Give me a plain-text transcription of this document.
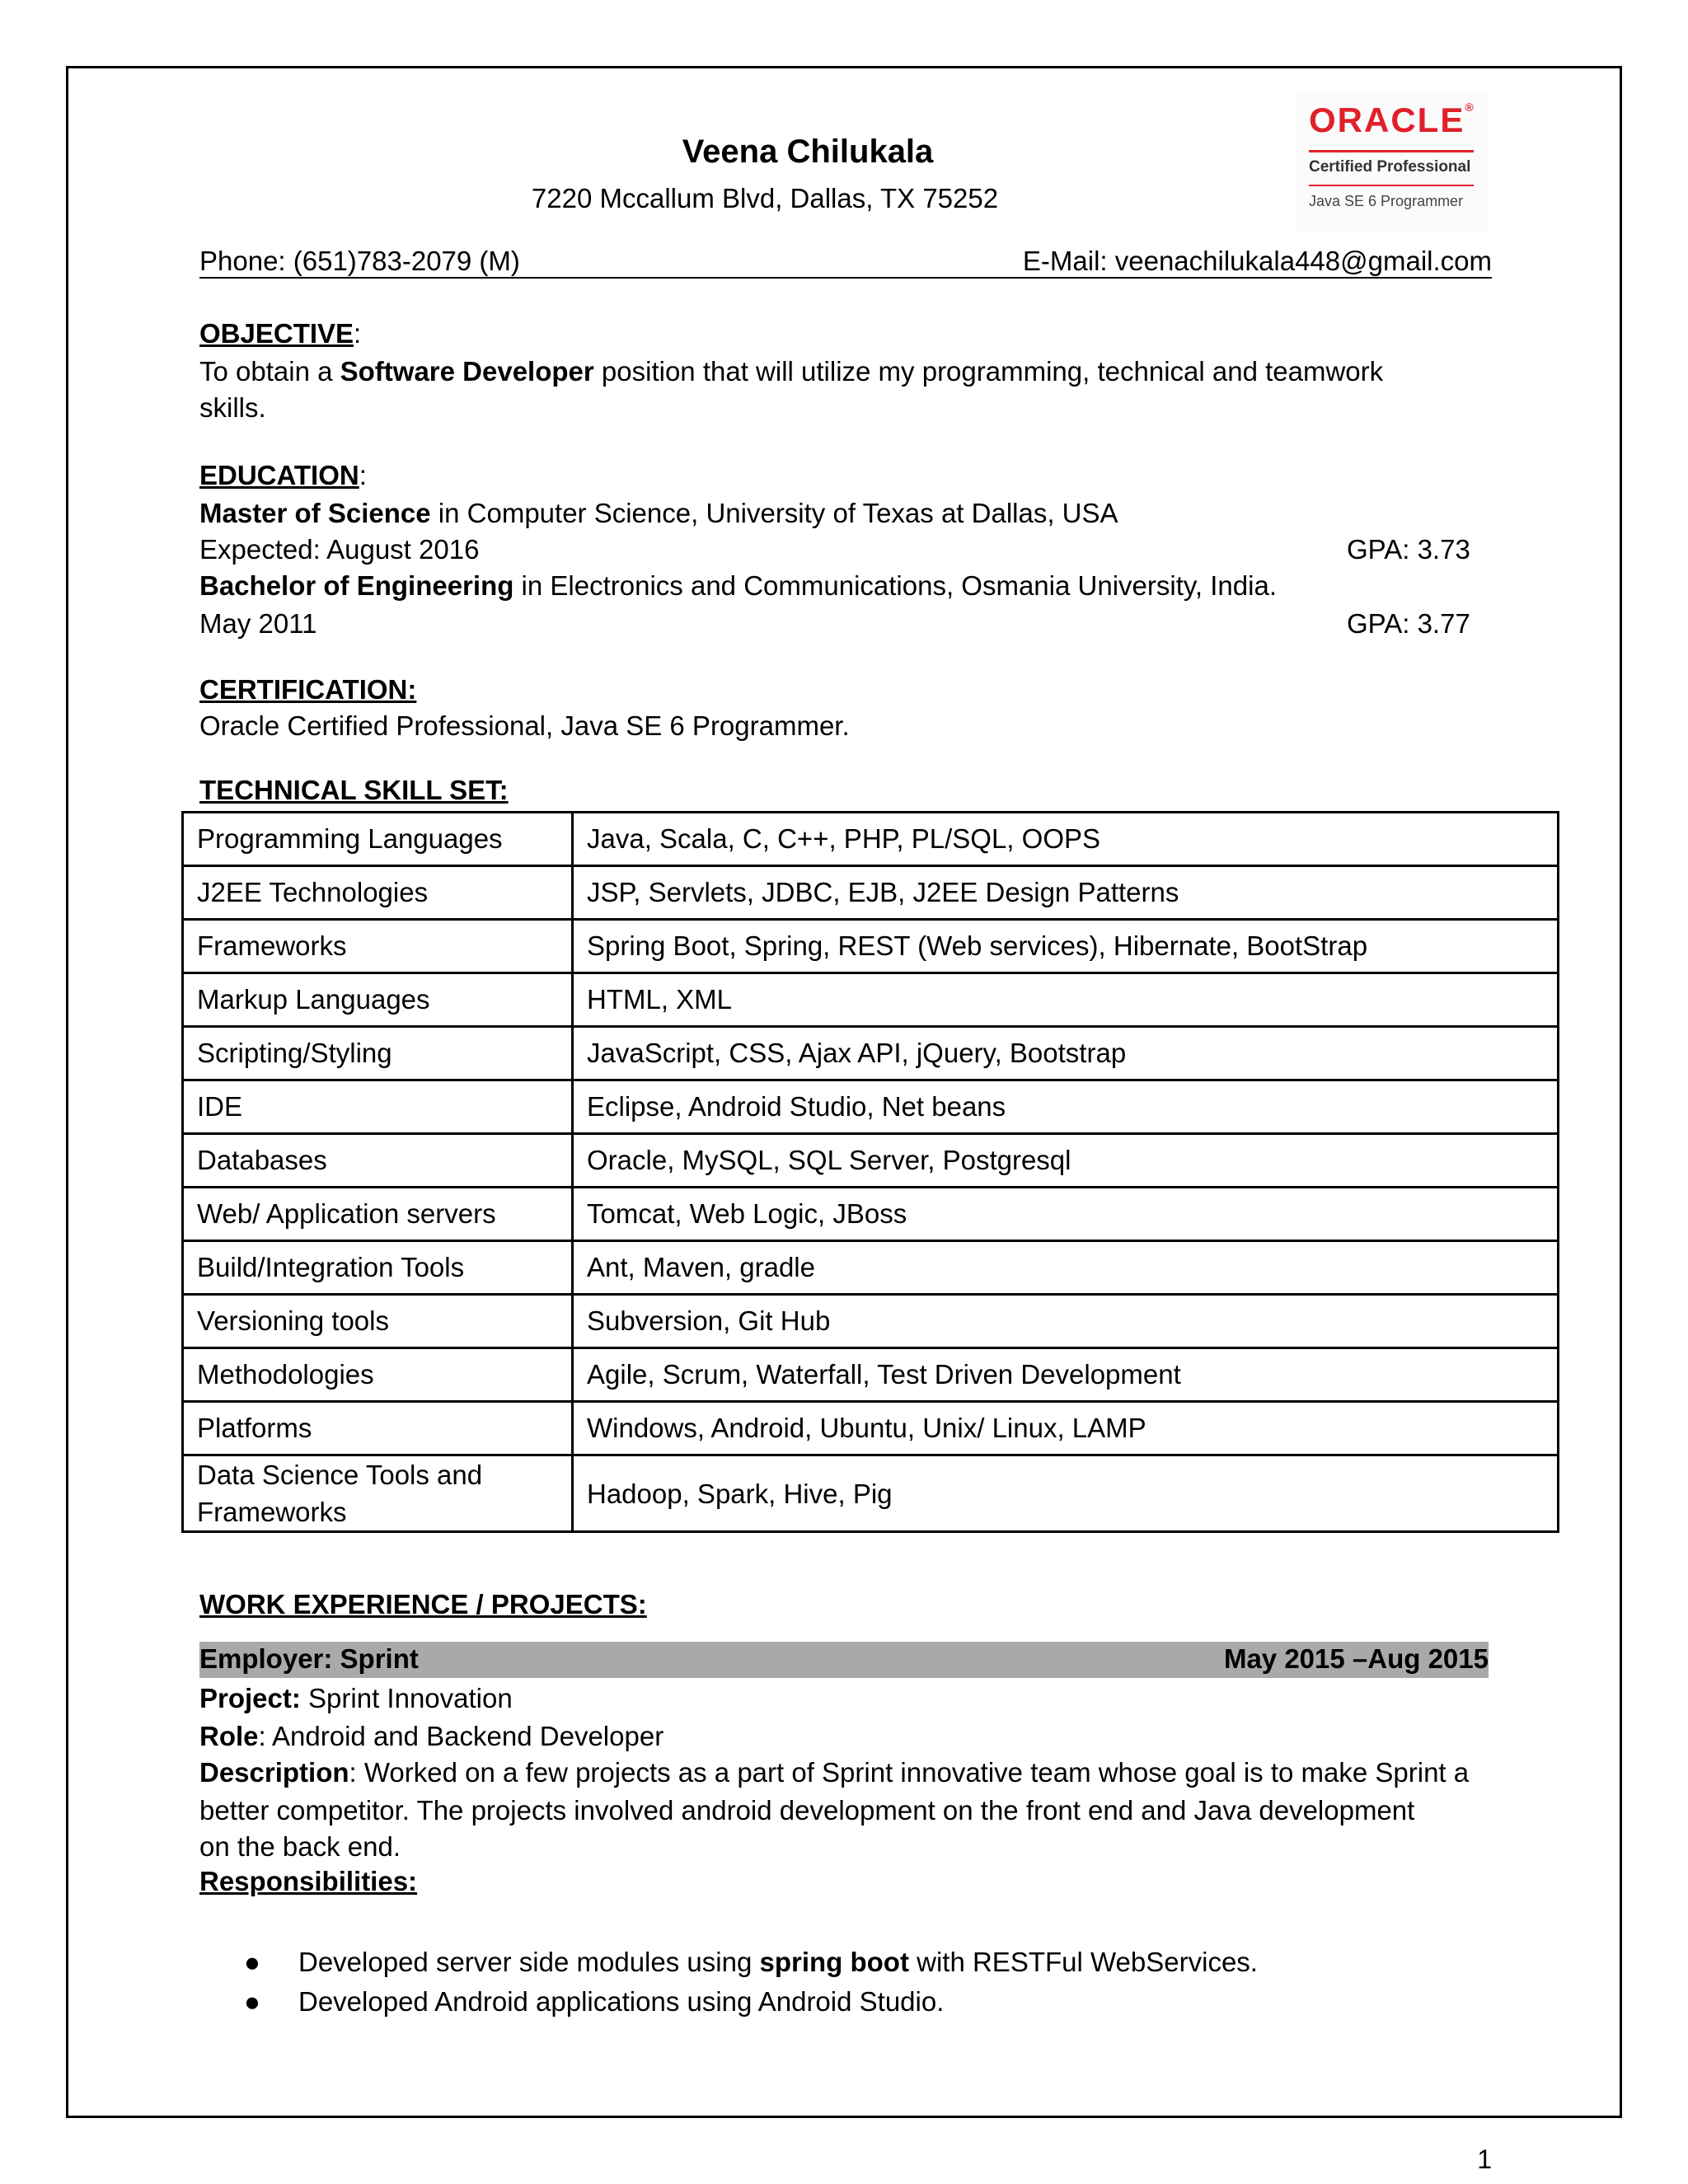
ORACLE®
Certified Professional
Java SE 6 Programmer
Veena Chilukala
7220 Mccallum Blvd, Dallas, TX 75252
Phone: (651)783-2079 (M)	E-Mail: veenachilukala448@gmail.com
OBJECTIVE:
To obtain a Software Developer position that will utilize my programming, technical and teamwork
skills.
EDUCATION:
Master of Science in Computer Science, University of Texas at Dallas, USA
Expected: August 2016	GPA: 3.73
Bachelor of Engineering in Electronics and Communications, Osmania University, India.
May 2011	GPA: 3.77
CERTIFICATION:
Oracle Certified Professional, Java SE 6 Programmer.
TECHNICAL SKILL SET:
Programming Languages	Java, Scala, C, C++, PHP, PL/SQL, OOPS
J2EE Technologies	JSP, Servlets, JDBC, EJB, J2EE Design Patterns
Frameworks	Spring Boot, Spring, REST (Web services), Hibernate, BootStrap
Markup Languages	HTML, XML
Scripting/Styling	JavaScript, CSS, Ajax API, jQuery, Bootstrap
IDE	Eclipse, Android Studio, Net beans
Databases	Oracle, MySQL, SQL Server, Postgresql
Web/ Application servers	Tomcat, Web Logic, JBoss
Build/Integration Tools	Ant, Maven, gradle
Versioning tools	Subversion, Git Hub
Methodologies	Agile, Scrum, Waterfall, Test Driven Development
Platforms	Windows, Android, Ubuntu, Unix/ Linux, LAMP
Data Science Tools and
Frameworks	Hadoop, Spark, Hive, Pig
WORK EXPERIENCE / PROJECTS:
Employer: Sprint	May 2015 –Aug 2015
Project: Sprint Innovation
Role: Android and Backend Developer
Description: Worked on a few projects as a part of Sprint innovative team whose goal is to make Sprint a
better competitor. The projects involved android development on the front end and Java development
on the back end.
Responsibilities:
● Developed server side modules using spring boot with RESTFul WebServices.
● Developed Android applications using Android Studio.
1
